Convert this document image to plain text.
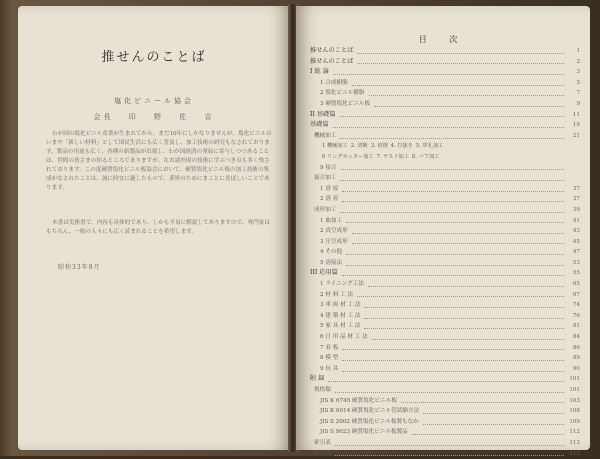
推せんのことば
塩化ビニール協会
会長 印 野 佐 吉

わが国の塩化ビニル産業が生まれてから、まだ10年にしかなりませんが、塩化ビニルはいまや「新しい材料」として国民生活にも広く普及し、加工技術の研究もなされております。製品の用途も広く、各種の新製品が出現し、わが国経済の発展に寄与しつつあることは、世間の皆さまの知るところでありますが、なお諸外国の技術に学ぶべき点も多く残されております。この度硬質塩化ビニル板協会において、硬質塩化ビニル板の加工技術の集成がなされたことは、誠に時宜に適したもので、業界のためにまことに喜ばしいことであります。

本書は実務書で、内容も具体的であり、しかも平易に解説してありますので、専門家はもちろん、一般の人々にも広く読まれることを希望します。

昭和33年9月
目 次
推せんのことば	1
推せんのことば	2
I 総 論	3
1 合成樹脂	5
2 塩化ビニル樹脂	7
3 硬質塩化ビニル板	9
II 基礎篇	11
基礎篇	19
機械加工	21
1 機械加工 2. 切断 3. 切削 4. 打抜き 5. 穿孔加工
6 リングカッター加工 7. ヤスリ加工 8. バフ加工
9 接合
接合加工
1 溶 接	37
2 溶 着	37
成形加工	39
1 曲加工	41
2 真空成形	43
3 圧空成形	45
4 その他	47
5 溶接法	53
III 応用篇	55
1 ライニング工法	65
2 材 料 工 法	67
3 車 両 材 工 法	74
4 建 築 材 工 法	76
5 家 具 材 工 法	81
6 日 用 品 材 工 法	84
7 看 板	86
8 模 型	89
9 玩 具	90
附 録	101
規格類	101
JIS K 6745 硬質塩化ビニル板	103
JIS K 6014 硬質塩化ビニル管試験方法	108
JIS S 2002 硬質塩化ビニル板製もなか	109
JIS S 9023 硬質塩化ビニル板製品	112
索引表	113
参考書	113
